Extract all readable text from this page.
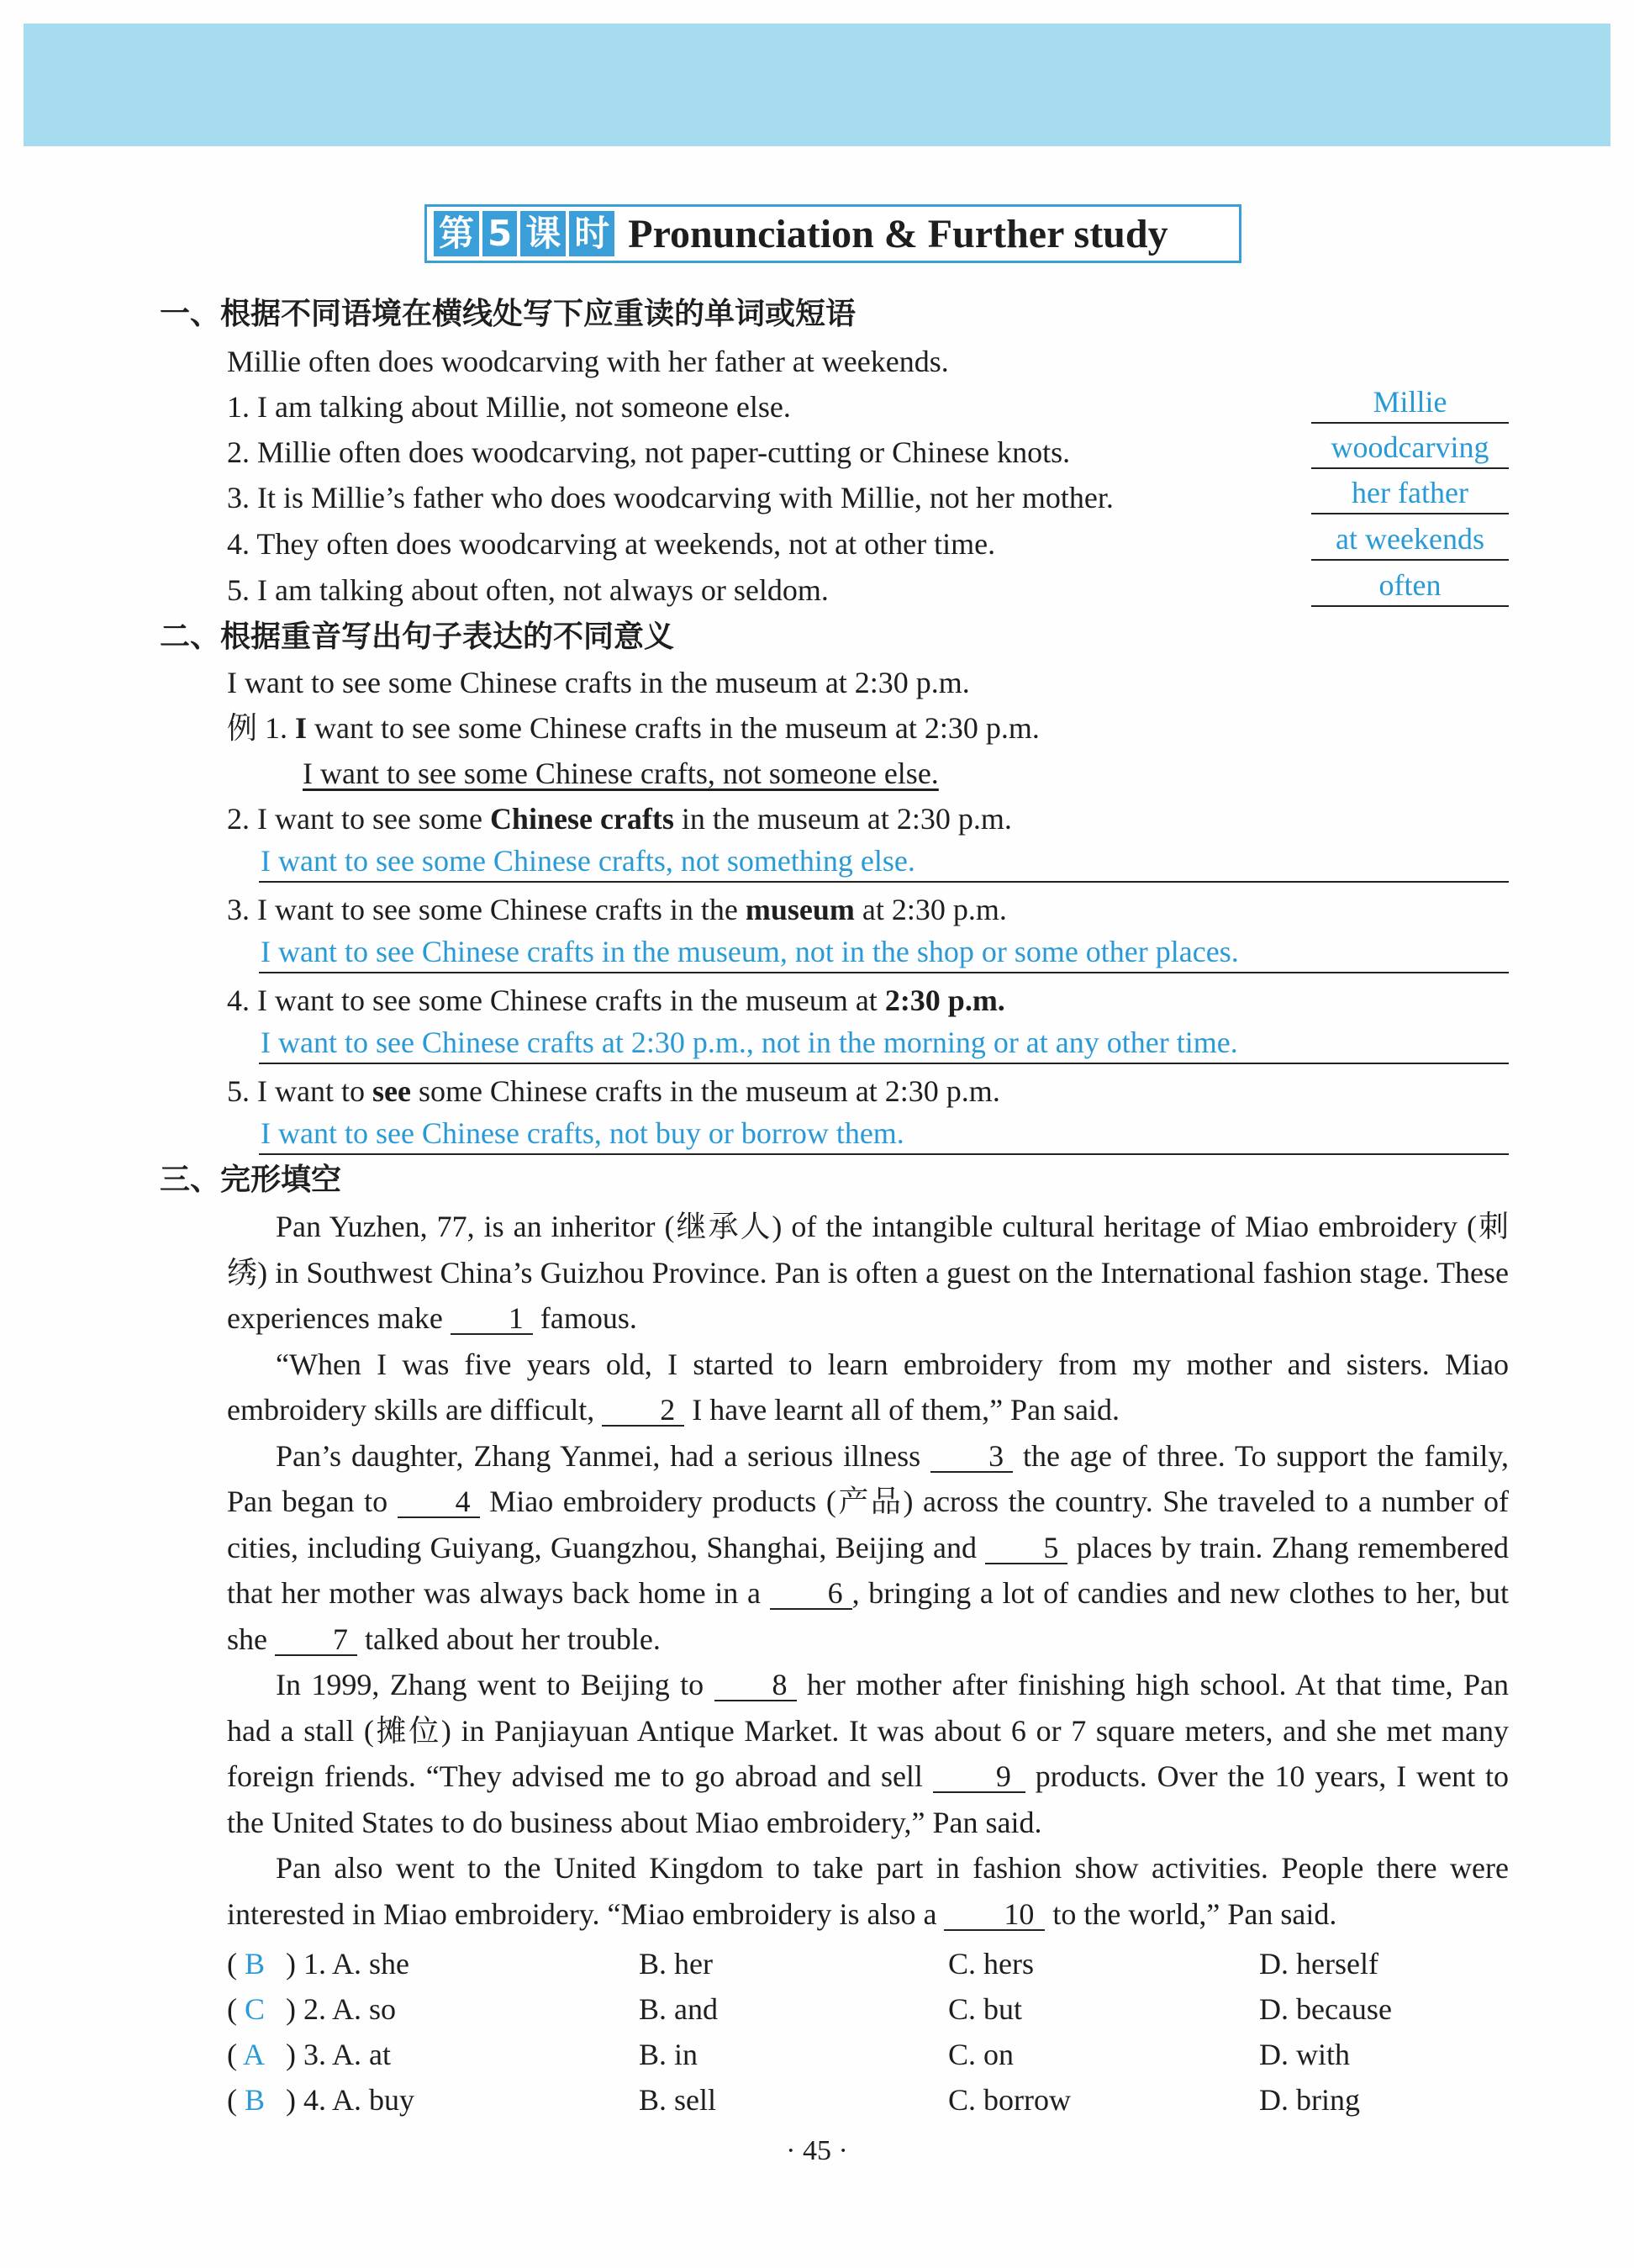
第 5 课 时 Pronunciation & Further study
一、根据不同语境在横线处写下应重读的单词或短语
Millie often does woodcarving with her father at weekends.
1. I am talking about Millie, not someone else.	Millie
2. Millie often does woodcarving, not paper-cutting or Chinese knots.	woodcarving
3. It is Millie’s father who does woodcarving with Millie, not her mother.	her father
4. They often does woodcarving at weekends, not at other time.	at weekends
5. I am talking about often, not always or seldom.	often
二、根据重音写出句子表达的不同意义
I want to see some Chinese crafts in the museum at 2:30 p.m.
例 1. I want to see some Chinese crafts in the museum at 2:30 p.m.
I want to see some Chinese crafts, not someone else.
2. I want to see some Chinese crafts in the museum at 2:30 p.m.
I want to see some Chinese crafts, not something else.
3. I want to see some Chinese crafts in the museum at 2:30 p.m.
I want to see Chinese crafts in the museum, not in the shop or some other places.
4. I want to see some Chinese crafts in the museum at 2:30 p.m.
I want to see Chinese crafts at 2:30 p.m., not in the morning or at any other time.
5. I want to see some Chinese crafts in the museum at 2:30 p.m.
I want to see Chinese crafts, not buy or borrow them.
三、完形填空

Pan Yuzhen, 77, is an inheritor (继承人) of the intangible cultural heritage of Miao embroidery (刺绣) in Southwest China’s Guizhou Province. Pan is often a guest on the International fashion stage. These experiences make 1 famous.

“When I was five years old, I started to learn embroidery from my mother and sisters. Miao embroidery skills are difficult, 2 I have learnt all of them,” Pan said.

Pan’s daughter, Zhang Yanmei, had a serious illness 3 the age of three. To support the family, Pan began to 4 Miao embroidery products (产品) across the country. She traveled to a number of cities, including Guiyang, Guangzhou, Shanghai, Beijing and 5 places by train. Zhang remembered that her mother was always back home in a 6 , bringing a lot of candies and new clothes to her, but she 7 talked about her trouble.

In 1999, Zhang went to Beijing to 8 her mother after finishing high school. At that time, Pan had a stall (摊位) in Panjiayuan Antique Market. It was about 6 or 7 square meters, and she met many foreign friends. “They advised me to go abroad and sell 9 products. Over the 10 years, I went to the United States to do business about Miao embroidery,” Pan said.

Pan also went to the United Kingdom to take part in fashion show activities. People there were interested in Miao embroidery. “Miao embroidery is also a 10 to the world,” Pan said.

( B ) 1. A. she	B. her	C. hers	D. herself
( C ) 2. A. so	B. and	C. but	D. because
( A ) 3. A. at	B. in	C. on	D. with
( B ) 4. A. buy	B. sell	C. borrow	D. bring
· 45 ·
